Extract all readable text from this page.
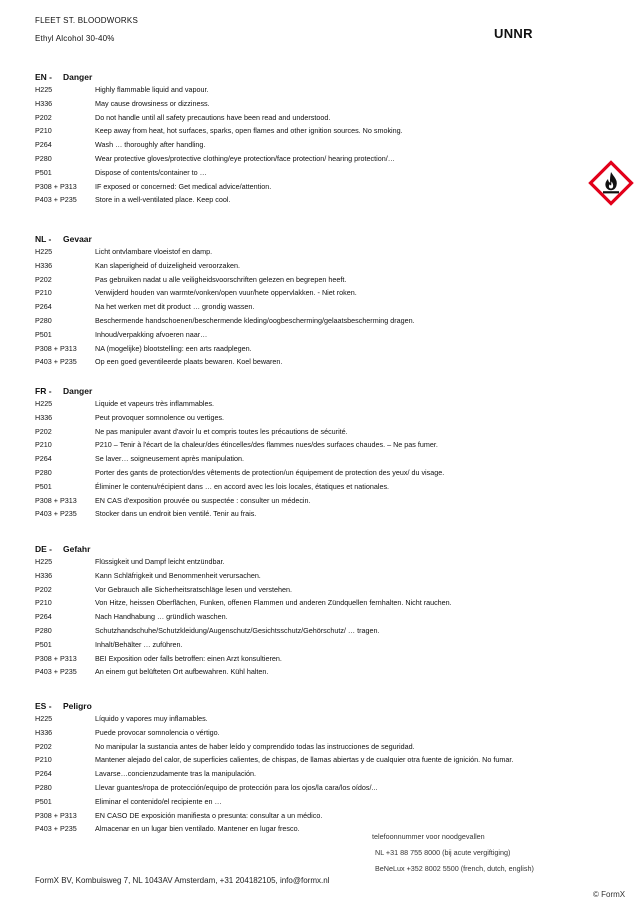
FLEET ST. BLOODWORKS
Ethyl Alcohol 30-40%	UNNR
EN - Danger
H225	Highly flammable liquid and vapour.
H336	May cause drowsiness or dizziness.
P202	Do not handle until all safety precautions have been read and understood.
P210	Keep away from heat, hot surfaces, sparks, open flames and other ignition sources. No smoking.
P264	Wash … thoroughly after handling.
P280	Wear protective gloves/protective clothing/eye protection/face protection/ hearing protection/…
P501	Dispose of contents/container to …
P308 + P313	IF exposed or concerned: Get medical advice/attention.
P403 + P235	Store in a well-ventilated place. Keep cool.
NL - Gevaar
H225	Licht ontvlambare vloeistof en damp.
H336	Kan slaperigheid of duizeligheid veroorzaken.
P202	Pas gebruiken nadat u alle veiligheidsvoorschriften gelezen en begrepen heeft.
P210	Verwijderd houden van warmte/vonken/open vuur/hete oppervlakken. - Niet roken.
P264	Na het werken met dit product … grondig wassen.
P280	Beschermende handschoenen/beschermende kleding/oogbescherming/gelaatsbescherming dragen.
P501	Inhoud/verpakking afvoeren naar…
P308 + P313	NA (mogelijke) blootstelling: een arts raadplegen.
P403 + P235	Op een goed geventileerde plaats bewaren. Koel bewaren.
FR - Danger
H225	Liquide et vapeurs très inflammables.
H336	Peut provoquer somnolence ou vertiges.
P202	Ne pas manipuler avant d'avoir lu et compris toutes les précautions de sécurité.
P210	P210 – Tenir à l'écart de la chaleur/des étincelles/des flammes nues/des surfaces chaudes. – Ne pas fumer.
P264	Se laver… soigneusement après manipulation.
P280	Porter des gants de protection/des vêtements de protection/un équipement de protection des yeux/ du visage.
P501	Éliminer le contenu/récipient dans … en accord avec les lois locales, étatiques et nationales.
P308 + P313	EN CAS d'exposition prouvée ou suspectée : consulter un médecin.
P403 + P235	Stocker dans un endroit bien ventilé. Tenir au frais.
DE - Gefahr
H225	Flüssigkeit und Dampf leicht entzündbar.
H336	Kann Schläfrigkeit und Benommenheit verursachen.
P202	Vor Gebrauch alle Sicherheitsratschläge lesen und verstehen.
P210	Von Hitze, heissen Oberflächen, Funken, offenen Flammen und anderen Zündquellen fernhalten. Nicht rauchen.
P264	Nach Handhabung … gründlich waschen.
P280	Schutzhandschuhe/Schutzkleidung/Augenschutz/Gesichtsschutz/Gehörschutz/ … tragen.
P501	Inhalt/Behälter … zuführen.
P308 + P313	BEI Exposition oder falls betroffen: einen Arzt konsultieren.
P403 + P235	An einem gut belüfteten Ort aufbewahren. Kühl halten.
ES - Peligro
H225	Líquido y vapores muy inflamables.
H336	Puede provocar somnolencia o vértigo.
P202	No manipular la sustancia antes de haber leído y comprendido todas las instrucciones de seguridad.
P210	Mantener alejado del calor, de superficies calientes, de chispas, de llamas abiertas y de cualquier otra fuente de ignición. No fumar.
P264	Lavarse…concienzudamente tras la manipulación.
P280	Llevar guantes/ropa de protección/equipo de protección para los ojos/la cara/los oídos/...
P501	Eliminar el contenido/el recipiente en …
P308 + P313	EN CASO DE exposición manifiesta o presunta: consultar a un médico.
P403 + P235	Almacenar en un lugar bien ventilado. Mantener en lugar fresco.
telefoonnummer voor noodgevallen
NL +31 88 755 8000 (bij acute vergiftiging)
BeNeLux +352 8002 5500 (french, dutch, english)
FormX BV, Kombuisweg 7, NL 1043AV Amsterdam, +31 204182105, info@formx.nl
© FormX
